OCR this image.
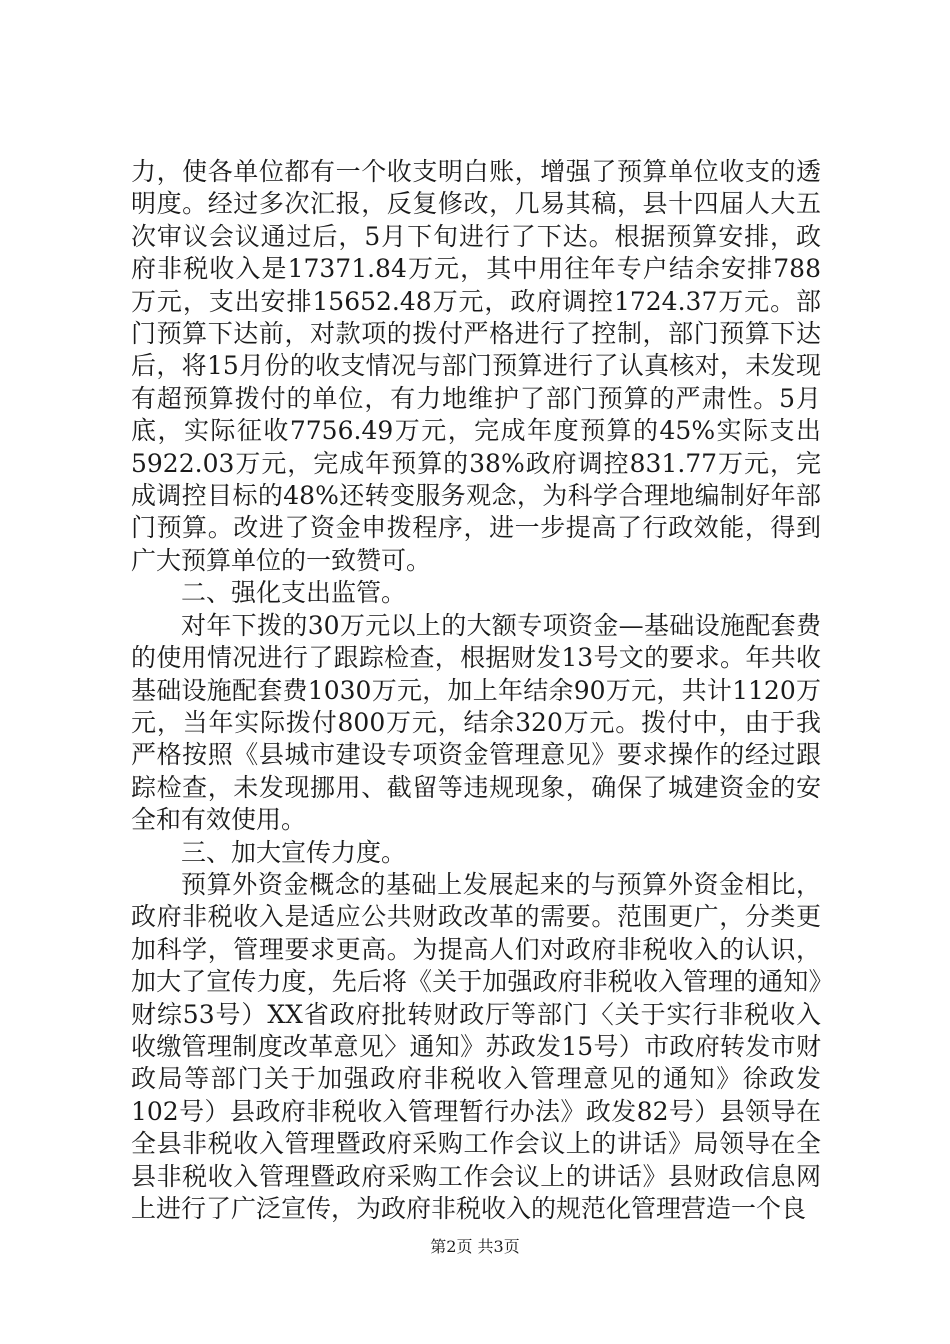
力，使各单位都有一个收支明白账，增强了预算单位收支的透明度。经过多次汇报，反复修改，几易其稿，县十四届人大五次审议会议通过后，5月下旬进行了下达。根据预算安排，政府非税收入是17371.84万元，其中用往年专户结余安排788万元，支出安排15652.48万元，政府调控1724.37万元。部门预算下达前，对款项的拨付严格进行了控制，部门预算下达后，将15月份的收支情况与部门预算进行了认真核对，未发现有超预算拨付的单位，有力地维护了部门预算的严肃性。5月底，实际征收7756.49万元，完成年度预算的45%实际支出5922.03万元，完成年预算的38%政府调控831.77万元，完成调控目标的48%还转变服务观念，为科学合理地编制好年部门预算。改进了资金申拨程序，进一步提高了行政效能，得到广大预算单位的一致赞可。

二、强化支出监管。

对年下拨的30万元以上的大额专项资金—基础设施配套费的使用情况进行了跟踪检查，根据财发13号文的要求。年共收基础设施配套费1030万元，加上年结余90万元，共计1120万元，当年实际拨付800万元，结余320万元。拨付中，由于我严格按照《县城市建设专项资金管理意见》要求操作的经过跟踪检查，未发现挪用、截留等违规现象，确保了城建资金的安全和有效使用。

三、加大宣传力度。

预算外资金概念的基础上发展起来的与预算外资金相比，政府非税收入是适应公共财政改革的需要。范围更广，分类更加科学，管理要求更高。为提高人们对政府非税收入的认识，加大了宣传力度，先后将《关于加强政府非税收入管理的通知》财综53号）XX省政府批转财政厅等部门〈关于实行非税收入收缴管理制度改革意见〉通知》苏政发15号）市政府转发市财政局等部门关于加强政府非税收入管理意见的通知》徐政发102号）县政府非税收入管理暂行办法》政发82号）县领导在全县非税收入管理暨政府采购工作会议上的讲话》局领导在全县非税收入管理暨政府采购工作会议上的讲话》县财政信息网上进行了广泛宣传，为政府非税收入的规范化管理营造一个良

第2页 共3页
